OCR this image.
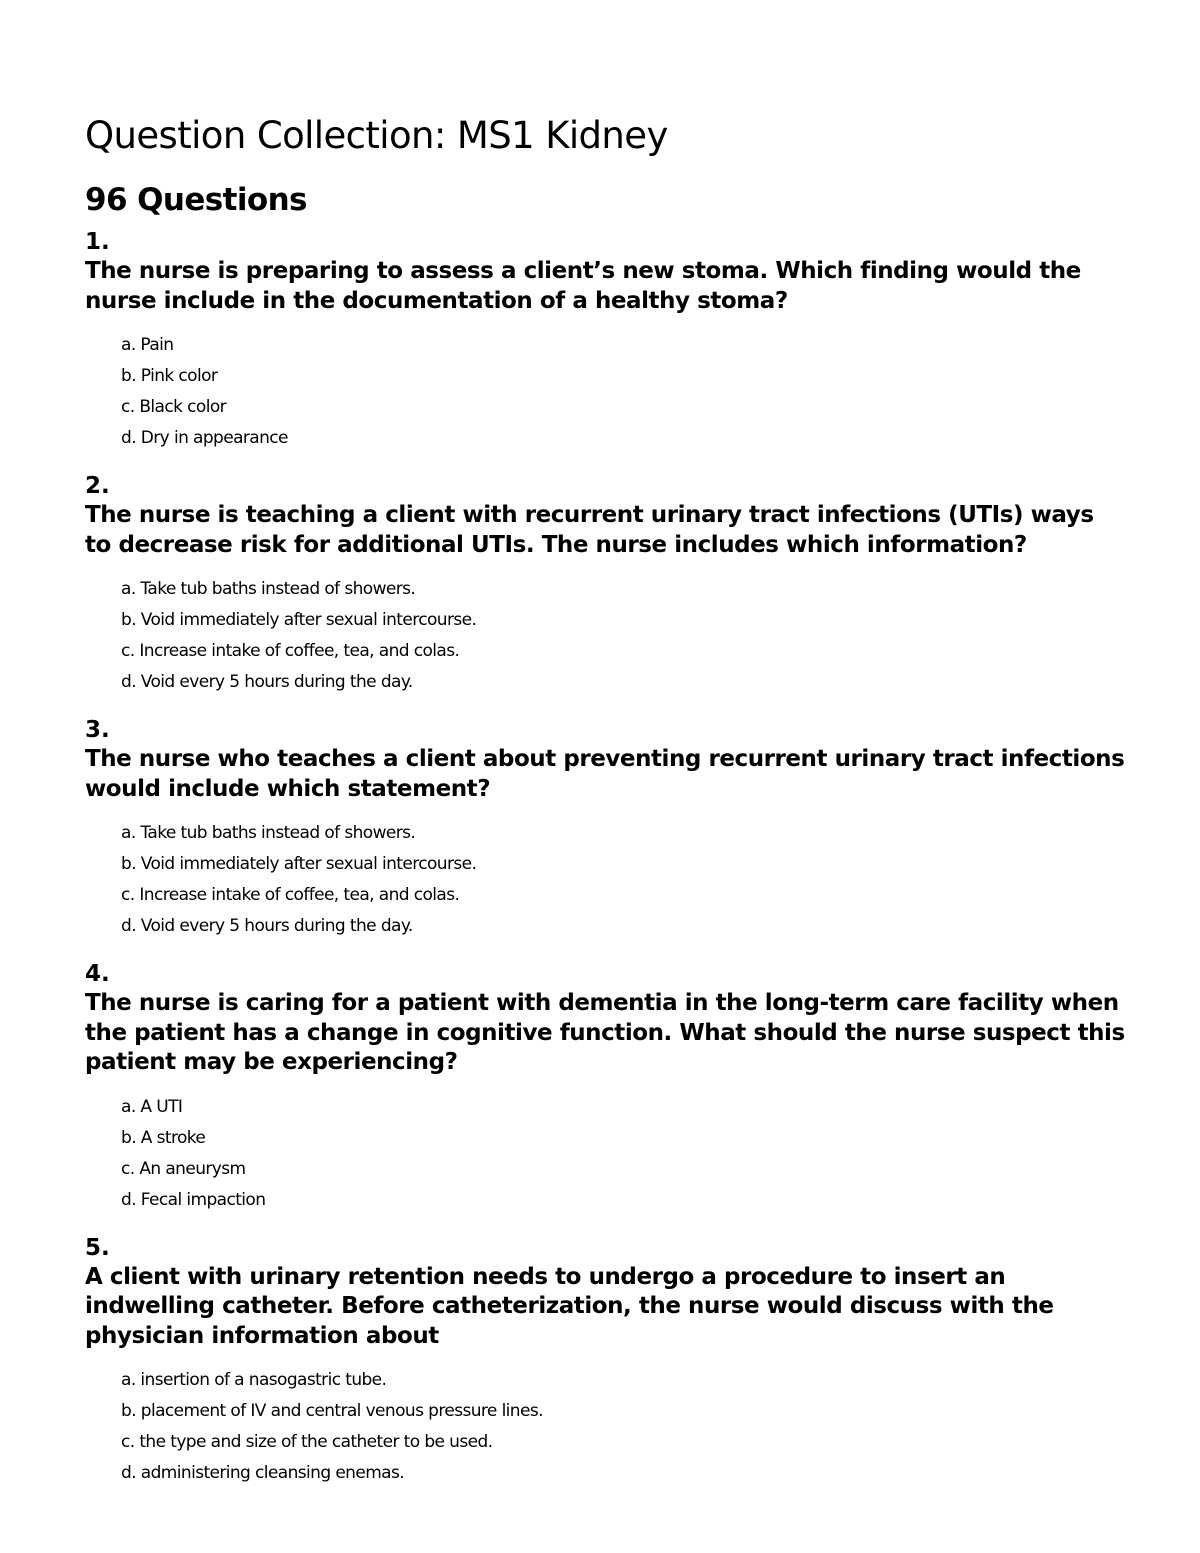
Question Collection: MS1 Kidney
96 Questions
1.
The nurse is preparing to assess a client’s new stoma. Which finding would the nurse include in the documentation of a healthy stoma?
a. Pain
b. Pink color
c. Black color
d. Dry in appearance
2.
The nurse is teaching a client with recurrent urinary tract infections (UTIs) ways to decrease risk for additional UTIs. The nurse includes which information?
a. Take tub baths instead of showers.
b. Void immediately after sexual intercourse.
c. Increase intake of coffee, tea, and colas.
d. Void every 5 hours during the day.
3.
The nurse who teaches a client about preventing recurrent urinary tract infections would include which statement?
a. Take tub baths instead of showers.
b. Void immediately after sexual intercourse.
c. Increase intake of coffee, tea, and colas.
d. Void every 5 hours during the day.
4.
The nurse is caring for a patient with dementia in the long-term care facility when the patient has a change in cognitive function. What should the nurse suspect this patient may be experiencing?
a. A UTI
b. A stroke
c. An aneurysm
d. Fecal impaction
5.
A client with urinary retention needs to undergo a procedure to insert an indwelling catheter. Before catheterization, the nurse would discuss with the physician information about
a. insertion of a nasogastric tube.
b. placement of IV and central venous pressure lines.
c. the type and size of the catheter to be used.
d. administering cleansing enemas.
